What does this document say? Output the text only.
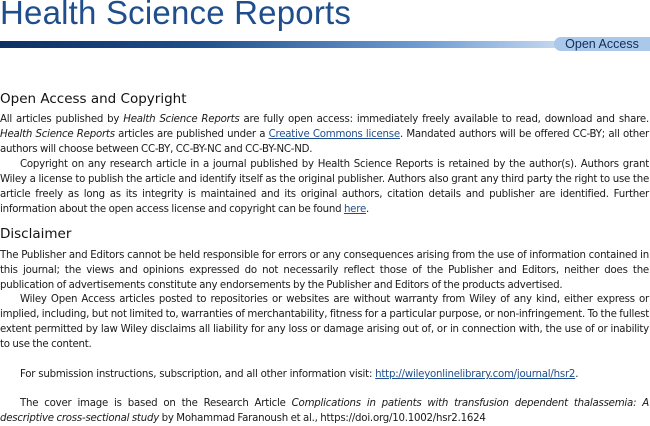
Health Science Reports
Open Access
Open Access and Copyright

All articles published by Health Science Reports are fully open access: immediately freely available to read, download and share. Health Science Reports articles are published under a Creative Commons license. Mandated authors will be offered CC-BY; all other authors will choose between CC-BY, CC-BY-NC and CC-BY-NC-ND.

Copyright on any research article in a journal published by Health Science Reports is retained by the author(s). Authors grant Wiley a license to publish the article and identify itself as the original publisher. Authors also grant any third party the right to use the article freely as long as its integrity is maintained and its original authors, citation details and publisher are identified. Further information about the open access license and copyright can be found here.

Disclaimer

The Publisher and Editors cannot be held responsible for errors or any consequences arising from the use of information contained in this journal; the views and opinions expressed do not necessarily reflect those of the Publisher and Editors, neither does the publication of advertisements constitute any endorsements by the Publisher and Editors of the products advertised.

Wiley Open Access articles posted to repositories or websites are without warranty from Wiley of any kind, either express or implied, including, but not limited to, warranties of merchantability, fitness for a particular purpose, or non-infringement. To the fullest extent permitted by law Wiley disclaims all liability for any loss or damage arising out of, or in connection with, the use of or inability to use the content.

For submission instructions, subscription, and all other information visit: http://wileyonlinelibrary.com/journal/hsr2.

The cover image is based on the Research Article Complications in patients with transfusion dependent thalassemia: A descriptive cross-sectional study by Mohammad Faranoush et al., https://doi.org/10.1002/hsr2.1624
